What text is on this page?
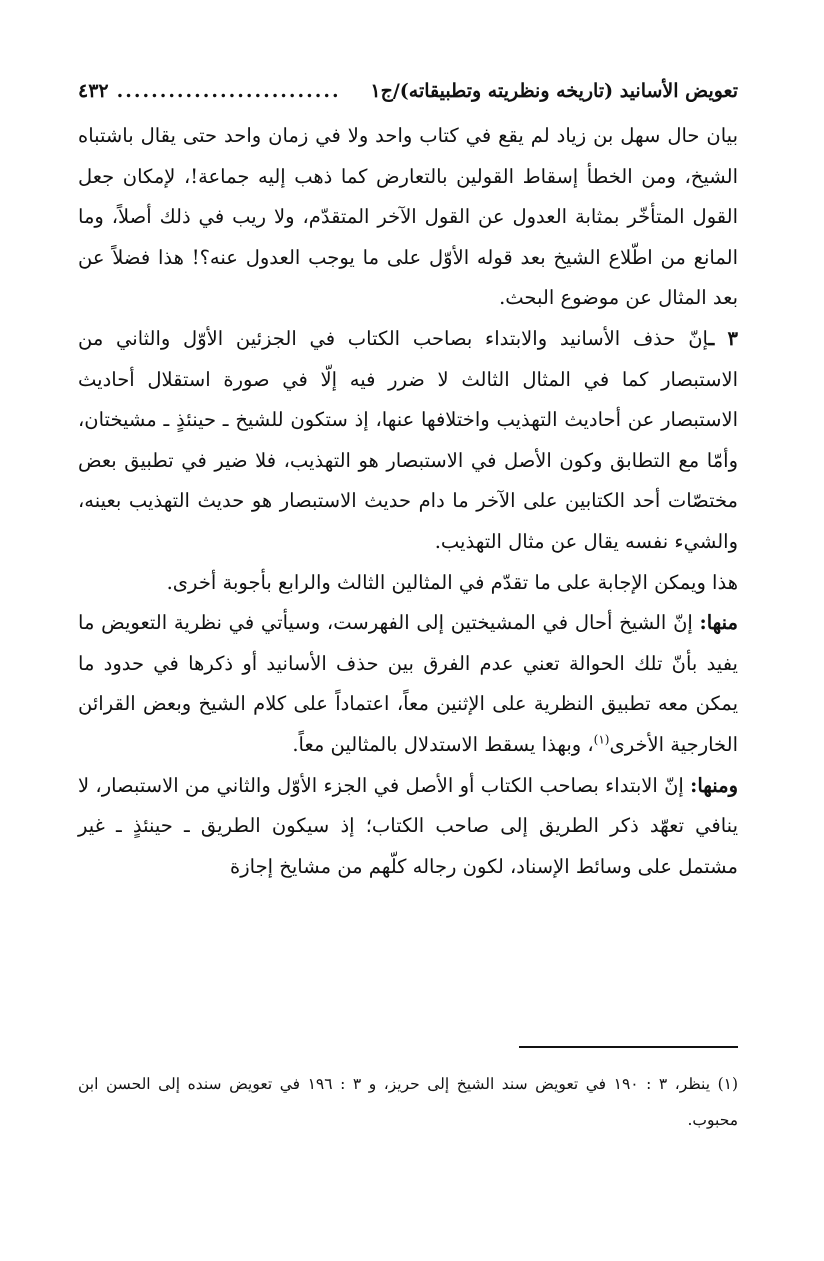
تعويض الأسانيد (تاريخه ونظريته وتطبيقاته)/ج١
..........................
٤٣٢

بيان حال سهل بن زياد لم يقع في كتاب واحد ولا في زمان واحد حتى يقال باشتباه الشيخ، ومن الخطأ إسقاط القولين بالتعارض كما ذهب إليه جماعة!، لإمكان جعل القول المتأخّر بمثابة العدول عن القول الآخر المتقدّم، ولا ريب في ذلك أصلاً، وما المانع من اطّلاع الشيخ بعد قوله الأوّل على ما يوجب العدول عنه؟! هذا فضلاً عن بعد المثال عن موضوع البحث.

٣ ـإنّ حذف الأسانيد والابتداء بصاحب الكتاب في الجزئين الأوّل والثاني من الاستبصار كما في المثال الثالث لا ضرر فيه إلّا في صورة استقلال أحاديث الاستبصار عن أحاديث التهذيب واختلافها عنها، إذ ستكون للشيخ ـ حينئذٍ ـ مشيختان، وأمّا مع التطابق وكون الأصل في الاستبصار هو التهذيب، فلا ضير في تطبيق بعض مختصّات أحد الكتابين على الآخر ما دام حديث الاستبصار هو حديث التهذيب بعينه، والشيء نفسه يقال عن مثال التهذيب.

هذا ويمكن الإجابة على ما تقدّم في المثالين الثالث والرابع بأجوبة أخرى.

منها: إنّ الشيخ أحال في المشيختين إلى الفهرست، وسيأتي في نظرية التعويض ما يفيد بأنّ تلك الحوالة تعني عدم الفرق بين حذف الأسانيد أو ذكرها في حدود ما يمكن معه تطبيق النظرية على الإثنين معاً، اعتماداً على كلام الشيخ وبعض القرائن الخارجية الأخرى$^{(١)}$، وبهذا يسقط الاستدلال بالمثالين معاً.

ومنها: إنّ الابتداء بصاحب الكتاب أو الأصل في الجزء الأوّل والثاني من الاستبصار، لا ينافي تعهّد ذكر الطريق إلى صاحب الكتاب؛ إذ سيكون الطريق ـ حينئذٍ ـ غير مشتمل على وسائط الإسناد، لكون رجاله كلّهم من مشايخ إجازة

(١) ينظر، ٣ : ١٩٠ في تعويض سند الشيخ إلى حريز، و ٣ : ١٩٦ في تعويض سنده إلى الحسن ابن محبوب.
